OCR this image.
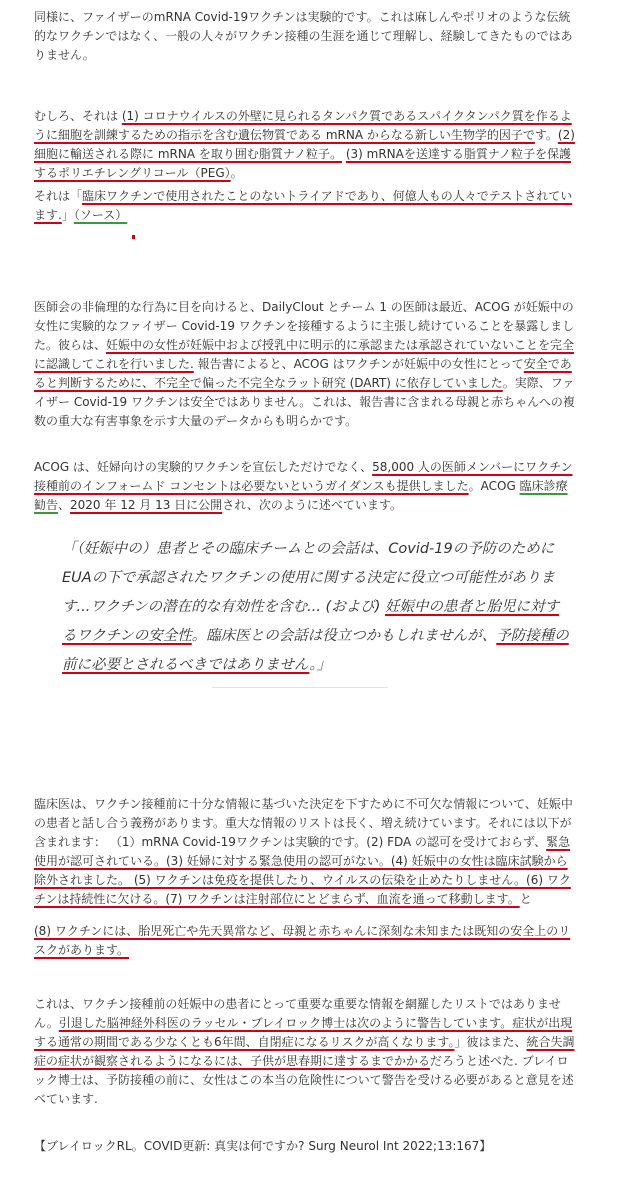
同様に、ファイザーのmRNA Covid-19ワクチンは実験的です。これは麻しんやポリオのような伝統的なワクチンではなく、一般の人々がワクチン接種の生涯を通じて理解し、経験してきたものではありません。

むしろ、それは (1) コロナウイルスの外壁に見られるタンパク質であるスパイクタンパク質を作るように細胞を訓練するための指示を含む遺伝物質である mRNA からなる新しい生物学的因子です。(2) 細胞に輸送される際に mRNA を取り囲む脂質ナノ粒子。 (3) mRNAを送達する脂質ナノ粒子を保護するポリエチレングリコール（PEG）。

それは「臨床ワクチンで使用されたことのないトライアドであり、何億人もの人々でテストされています.」（ソース）

医師会の非倫理的な行為に目を向けると、DailyClout とチーム 1 の医師は最近、ACOG が妊娠中の女性に実験的なファイザー Covid-19 ワクチンを接種するように主張し続けていることを暴露しました。彼らは、妊娠中の女性が妊娠中および授乳中に明示的に承認または承認されていないことを完全に認識してこれを行いました. 報告書によると、ACOG はワクチンが妊娠中の女性にとって安全であると判断するために、不完全で偏った不完全なラット研究 (DART) に依存していました。実際、ファイザー Covid-19 ワクチンは安全ではありません。これは、報告書に含まれる母親と赤ちゃんへの複数の重大な有害事象を示す大量のデータからも明らかです。

ACOG は、妊婦向けの実験的ワクチンを宣伝しただけでなく、58,000 人の医師メンバーにワクチン接種前のインフォームド コンセントは必要ないというガイダンスも提供しました。ACOG 臨床診療勧告、2020 年 12 月 13 日に公開され、次のように述べています。

「（妊娠中の）患者とその臨床チームとの会話は、Covid-19の予防のためにEUAの下で承認されたワクチンの使用に関する決定に役立つ可能性があります...ワクチンの潜在的な有効性を含む... (および) 妊娠中の患者と胎児に対するワクチンの安全性。臨床医との会話は役立つかもしれませんが、予防接種の前に必要とされるべきではありません。」

臨床医は、ワクチン接種前に十分な情報に基づいた決定を下すために不可欠な情報について、妊娠中の患者と話し合う義務があります。重大な情報のリストは長く、増え続けています。それには以下が含まれます： （1）mRNA Covid-19ワクチンは実験的です。(2) FDA の認可を受けておらず、緊急使用が認可されている。(3) 妊婦に対する緊急使用の認可がない。(4) 妊娠中の女性は臨床試験から除外されました。 (5) ワクチンは免疫を提供したり、ウイルスの伝染を止めたりしません。(6) ワクチンは持続性に欠ける。(7) ワクチンは注射部位にとどまらず、血流を通って移動します。と

(8) ワクチンには、胎児死亡や先天異常など、母親と赤ちゃんに深刻な未知または既知の安全上のリスクがあります。

これは、ワクチン接種前の妊娠中の患者にとって重要な重要な情報を網羅したリストではありません。引退した脳神経外科医のラッセル・ブレイロック博士は次のように警告しています。症状が出現する通常の期間である少なくとも6年間、自閉症になるリスクが高くなります。」彼はまた、統合失調症の症状が観察されるようになるには、子供が思春期に達するまでかかるだろうと述べた. ブレイロック博士は、予防接種の前に、女性はこの本当の危険性について警告を受ける必要があると意見を述べています.

【ブレイロックRL。COVID更新: 真実は何ですか? Surg Neurol Int 2022;13:167】
